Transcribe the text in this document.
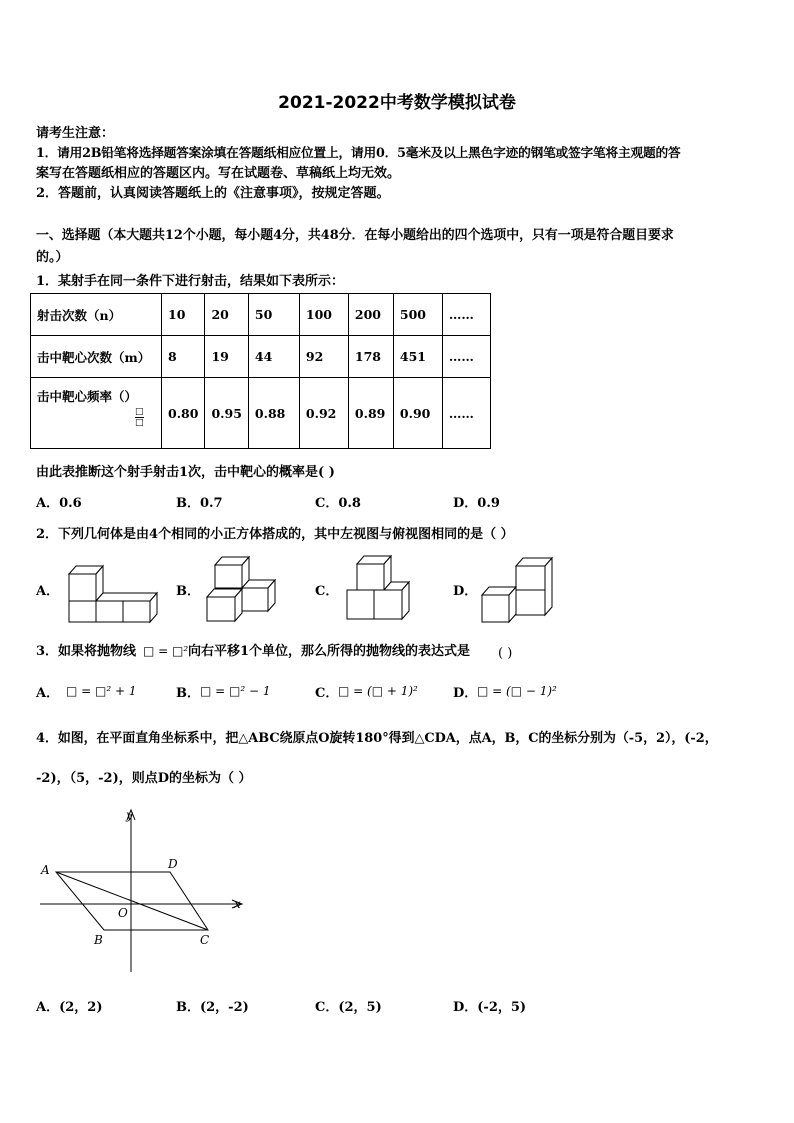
2021-2022中考数学模拟试卷
请考生注意：
1．请用2B铅笔将选择题答案涂填在答题纸相应位置上，请用0．5毫米及以上黑色字迹的钢笔或签字笔将主观题的答
案写在答题纸相应的答题区内。写在试题卷、草稿纸上均无效。
2．答题前，认真阅读答题纸上的《注意事项》，按规定答题。
一、选择题（本大题共12个小题，每小题4分，共48分．在每小题给出的四个选项中，只有一项是符合题目要求
的。）
1．某射手在同一条件下进行射击，结果如下表所示：
射击次数（n）	10	20	50	100	200	500	……
击中靶心次数（m）	8	19	44	92	178	451	……

击中靶心频率（）
$\frac{□}{□}$	0.80	0.95	0.88	0.92	0.89	0.90	……
由此表推断这个射手射击1次，击中靶心的概率是( )
A．0.6	B．0.7	C．0.8	D．0.9
2．下列几何体是由4个相同的小正方体搭成的，其中左视图与俯视图相同的是（ ）
A．	B．	C．	D．
3．如果将抛物线 □ = □² 向右平移1个单位，那么所得的抛物线的表达式是 ( )
A． □ = □² + 1	B． □ = □² − 1	C． □ = (□ + 1)²	D． □ = (□ − 1)²
4．如图，在平面直角坐标系中，把△ABC绕原点O旋转180°得到△CDA，点A，B，C的坐标分别为（-5，2），(-2，
-2)，（5，-2)，则点D的坐标为（ ）
y
x
A	D
O
B	C
A．(2，2)	B．(2，-2)	C．(2，5)	D．(-2，5)
